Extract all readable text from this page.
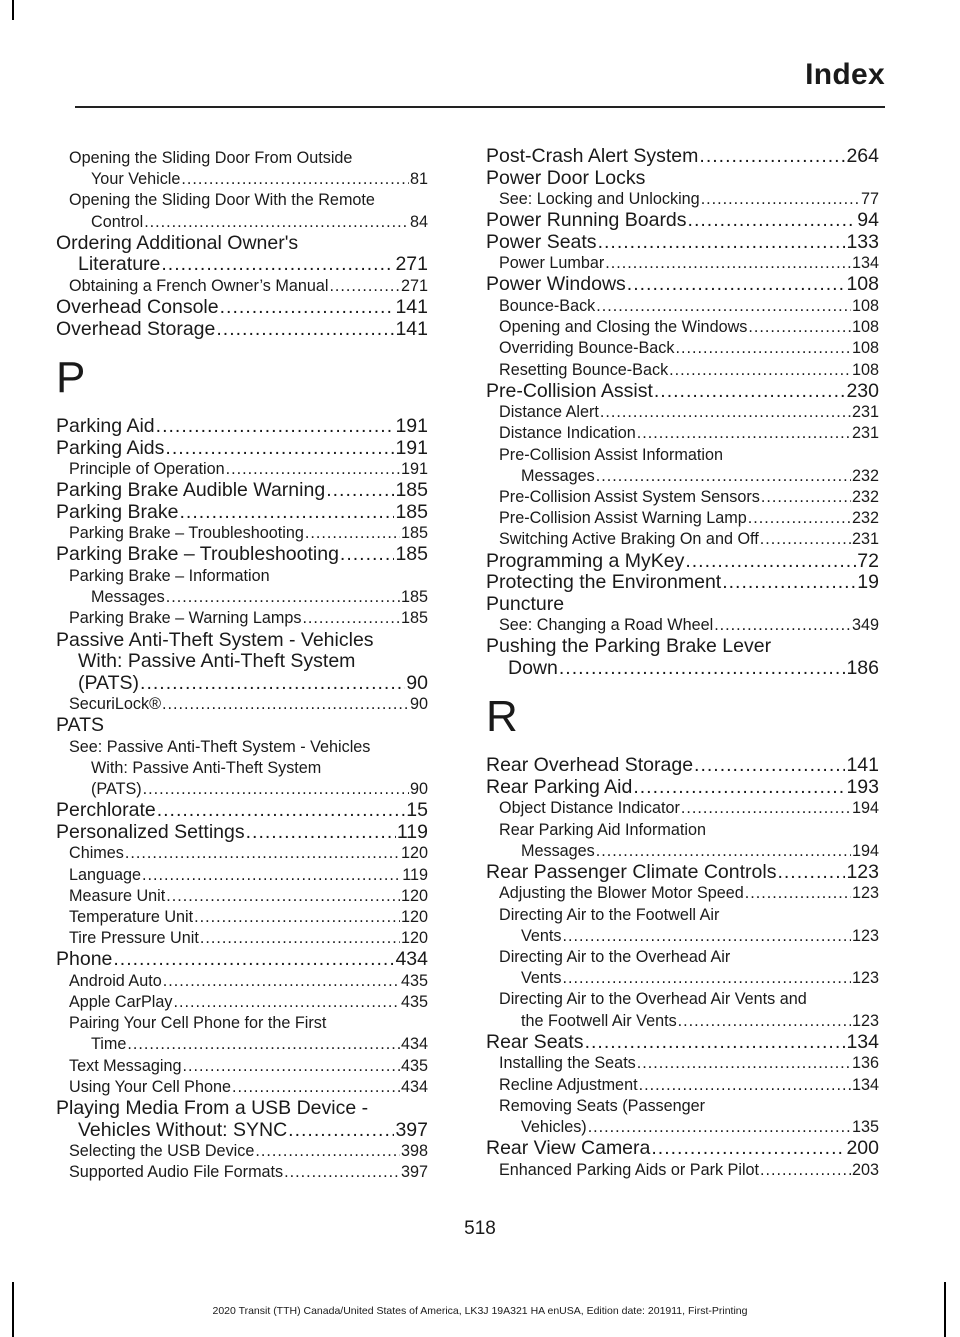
Index
Opening the Sliding Door From Outside
Your Vehicle .....	81
Opening the Sliding Door With the Remote
Control .....	84
Ordering Additional Owner's
Literature .....	271
Obtaining a French Owner’s Manual .....	271
Overhead Console .....	141
Overhead Storage .....	141
P
Parking Aid .....	191
Parking Aids .....	191
Principle of Operation .....	191
Parking Brake Audible Warning .....	185
Parking Brake .....	185
Parking Brake – Troubleshooting .....	185
Parking Brake – Troubleshooting .....	185
Parking Brake – Information
Messages .....	185
Parking Brake – Warning Lamps .....	185
Passive Anti-Theft System - Vehicles
With: Passive Anti-Theft System
(PATS) .....	90
SecuriLock® .....	90
PATS
See: Passive Anti-Theft System - Vehicles
With: Passive Anti-Theft System
(PATS) .....	90
Perchlorate .....	15
Personalized Settings .....	119
Chimes .....	120
Language .....	119
Measure Unit .....	120
Temperature Unit .....	120
Tire Pressure Unit .....	120
Phone .....	434
Android Auto .....	435
Apple CarPlay .....	435
Pairing Your Cell Phone for the First
Time .....	434
Text Messaging .....	435
Using Your Cell Phone .....	434
Playing Media From a USB Device -
Vehicles Without: SYNC .....	397
Selecting the USB Device .....	398
Supported Audio File Formats .....	397
Post-Crash Alert System .....	264
Power Door Locks
See: Locking and Unlocking .....	77
Power Running Boards .....	94
Power Seats .....	133
Power Lumbar .....	134
Power Windows .....	108
Bounce-Back .....	108
Opening and Closing the Windows .....	108
Overriding Bounce-Back .....	108
Resetting Bounce-Back .....	108
Pre-Collision Assist .....	230
Distance Alert .....	231
Distance Indication .....	231
Pre-Collision Assist Information
Messages .....	232
Pre-Collision Assist System Sensors .....	232
Pre-Collision Assist Warning Lamp .....	232
Switching Active Braking On and Off .....	231
Programming a MyKey .....	72
Protecting the Environment .....	19
Puncture
See: Changing a Road Wheel .....	349
Pushing the Parking Brake Lever
Down .....	186
R
Rear Overhead Storage .....	141
Rear Parking Aid .....	193
Object Distance Indicator .....	194
Rear Parking Aid Information
Messages .....	194
Rear Passenger Climate Controls .....	123
Adjusting the Blower Motor Speed .....	123
Directing Air to the Footwell Air
Vents .....	123
Directing Air to the Overhead Air
Vents .....	123
Directing Air to the Overhead Air Vents and
the Footwell Air Vents .....	123
Rear Seats .....	134
Installing the Seats .....	136
Recline Adjustment .....	134
Removing Seats (Passenger
Vehicles) .....	135
Rear View Camera .....	200
Enhanced Parking Aids or Park Pilot .....	203
518
2020 Transit (TTH) Canada/United States of America, LK3J 19A321 HA enUSA, Edition date: 201911, First-Printing
